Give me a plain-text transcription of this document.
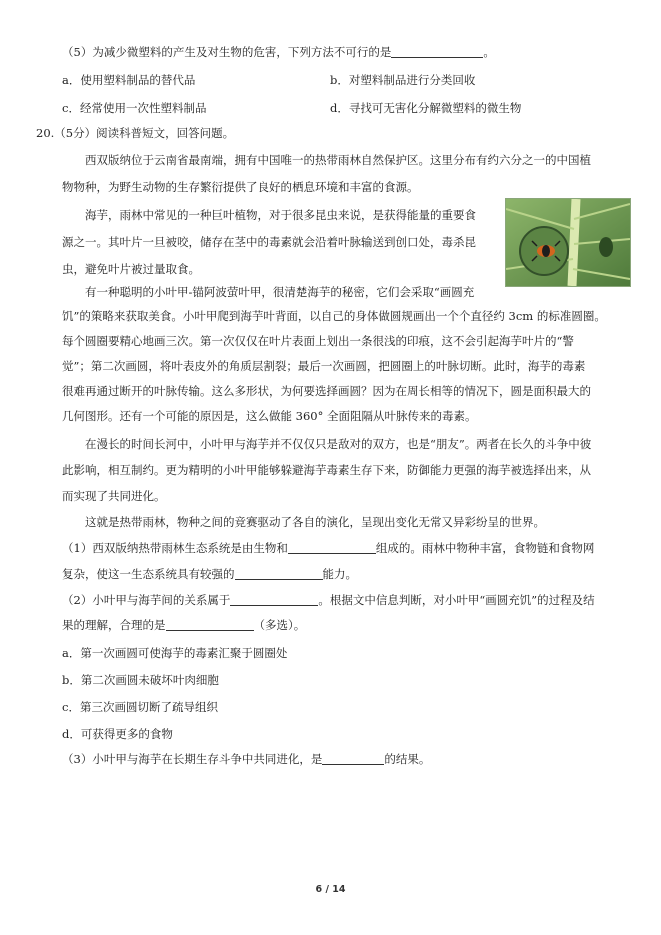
（5）为减少微塑料的产生及对生物的危害，下列方法不可行的是	。
a．使用塑料制品的替代品	b．对塑料制品进行分类回收
c．经常使用一次性塑料制品	d．寻找可无害化分解微塑料的微生物
20.（5分）阅读科普短文，回答问题。
西双版纳位于云南省最南端，拥有中国唯一的热带雨林自然保护区。这里分布有约六分之一的中国植
物物种，为野生动物的生存繁衍提供了良好的栖息环境和丰富的食源。
海芋，雨林中常见的一种巨叶植物，对于很多昆虫来说，是获得能量的重要食
源之一。其叶片一旦被咬，储存在茎中的毒素就会沿着叶脉输送到创口处，毒杀昆
虫，避免叶片被过量取食。
有一种聪明的小叶甲-锚阿波萤叶甲，很清楚海芋的秘密，它们会采取“画圆充
饥”的策略来获取美食。小叶甲爬到海芋叶背面，以自己的身体做圆规画出一个个直径约 3cm 的标准圆圈。
每个圆圈要精心地画三次。第一次仅仅在叶片表面上划出一条很浅的印痕，这不会引起海芋叶片的“警
觉”；第二次画圆，将叶表皮外的角质层割裂；最后一次画圆，把圆圈上的叶脉切断。此时，海芋的毒素
很难再通过断开的叶脉传输。这么多形状，为何要选择画圆？因为在周长相等的情况下，圆是面积最大的
几何图形。还有一个可能的原因是，这么做能 360° 全面阻隔从叶脉传来的毒素。
在漫长的时间长河中，小叶甲与海芋并不仅仅只是敌对的双方，也是“朋友”。两者在长久的斗争中彼
此影响，相互制约。更为精明的小叶甲能够躲避海芋毒素生存下来，防御能力更强的海芋被选择出来，从
而实现了共同进化。
这就是热带雨林，物种之间的竞赛驱动了各自的演化，呈现出变化无常又异彩纷呈的世界。
（1）西双版纳热带雨林生态系统是由生物和	组成的。雨林中物种丰富，食物链和食物网
复杂，使这一生态系统具有较强的	能力。
（2）小叶甲与海芋间的关系属于	。根据文中信息判断，对小叶甲“画圆充饥”的过程及结
果的理解，合理的是	（多选）。
a．第一次画圆可使海芋的毒素汇聚于圆圈处
b．第二次画圆未破坏叶肉细胞
c．第三次画圆切断了疏导组织
d．可获得更多的食物
（3）小叶甲与海芋在长期生存斗争中共同进化，是	的结果。
6 / 14
